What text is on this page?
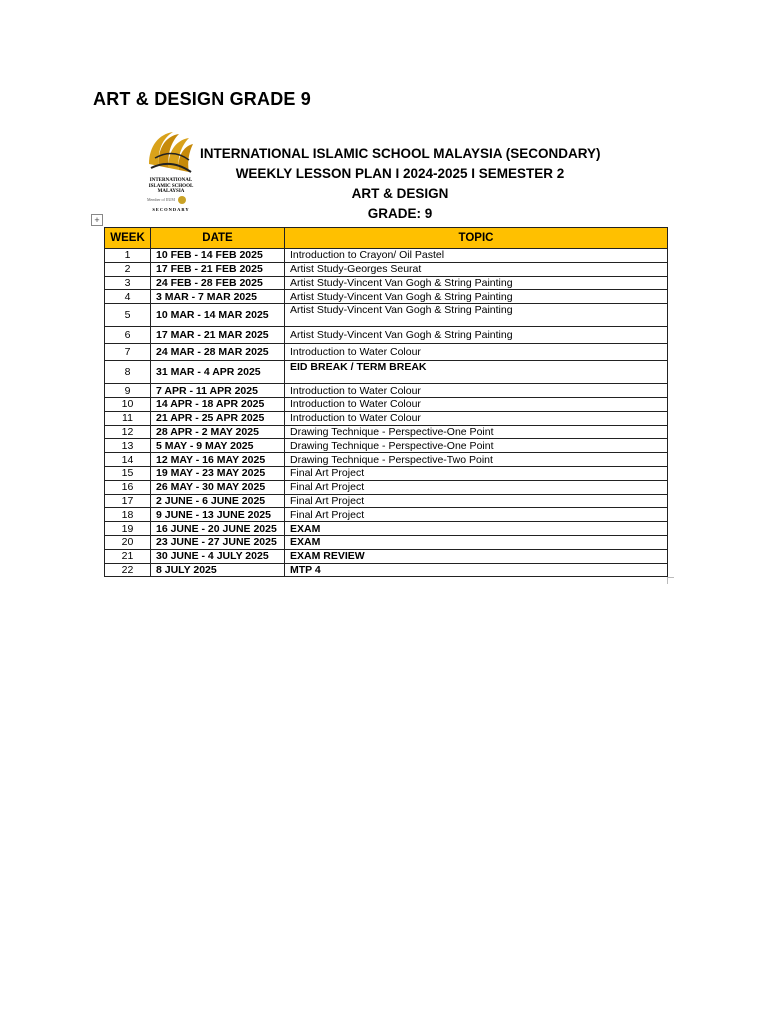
ART & DESIGN GRADE 9
INTERNATIONAL
ISLAMIC SCHOOL
MALAYSIA
Member of IIUM
SECONDARY
INTERNATIONAL ISLAMIC SCHOOL MALAYSIA (SECONDARY)
WEEKLY LESSON PLAN I 2024-2025 I SEMESTER 2
ART & DESIGN
GRADE: 9
+
WEEK	DATE	TOPIC
1	10 FEB - 14 FEB 2025	Introduction to Crayon/ Oil Pastel
2	17 FEB - 21 FEB 2025	Artist Study-Georges Seurat
3	24 FEB - 28 FEB 2025	Artist Study-Vincent Van Gogh & String Painting
4	3 MAR - 7 MAR 2025	Artist Study-Vincent Van Gogh & String Painting
5	10 MAR - 14 MAR 2025	Artist Study-Vincent Van Gogh & String Painting
6	17 MAR - 21 MAR 2025	Artist Study-Vincent Van Gogh & String Painting
7	24 MAR - 28 MAR 2025	Introduction to Water Colour
8	31 MAR - 4 APR 2025	EID BREAK / TERM BREAK
9	7 APR - 11 APR 2025	Introduction to Water Colour
10	14 APR - 18 APR 2025	Introduction to Water Colour
11	21 APR - 25 APR 2025	Introduction to Water Colour
12	28 APR - 2 MAY 2025	Drawing Technique - Perspective-One Point
13	5 MAY - 9 MAY 2025	Drawing Technique - Perspective-One Point
14	12 MAY - 16 MAY 2025	Drawing Technique - Perspective-Two Point
15	19 MAY - 23 MAY 2025	Final Art Project
16	26 MAY - 30 MAY 2025	Final Art Project
17	2 JUNE - 6 JUNE 2025	Final Art Project
18	9 JUNE - 13 JUNE 2025	Final Art Project
19	16 JUNE - 20 JUNE 2025	EXAM
20	23 JUNE - 27 JUNE 2025	EXAM
21	30 JUNE - 4 JULY 2025	EXAM REVIEW
22	8 JULY 2025	MTP 4
